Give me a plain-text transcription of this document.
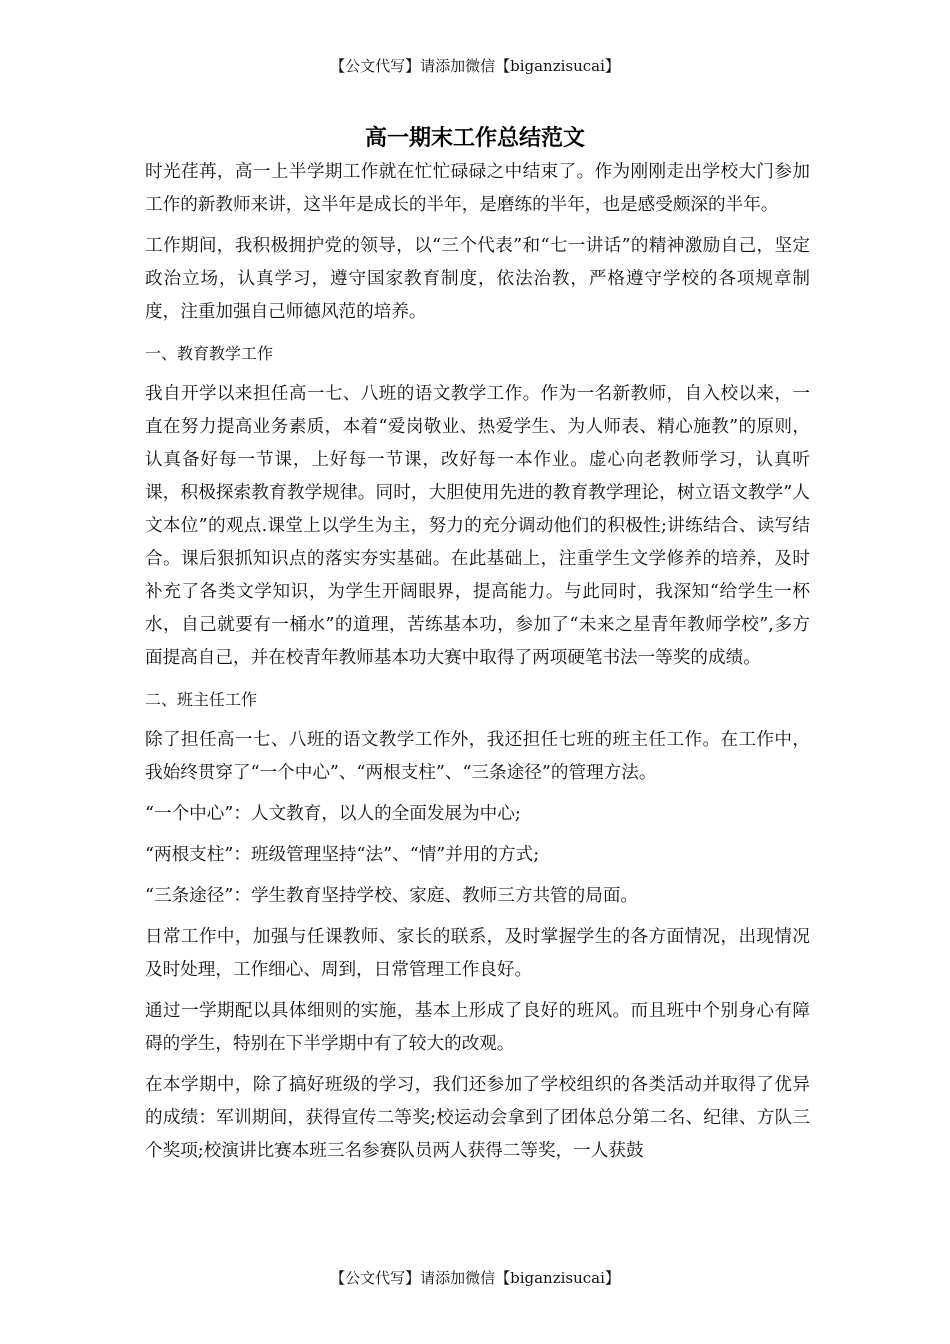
【公文代写】请添加微信【biganzisucai】
高一期末工作总结范文

时光荏苒，高一上半学期工作就在忙忙碌碌之中结束了。作为刚刚走出学校大门参加工作的新教师来讲，这半年是成长的半年，是磨练的半年，也是感受颇深的半年。

工作期间，我积极拥护党的领导，以“三个代表”和“七一讲话”的精神激励自己，坚定政治立场，认真学习，遵守国家教育制度，依法治教，严格遵守学校的各项规章制度，注重加强自己师德风范的培养。

一、教育教学工作

我自开学以来担任高一七、八班的语文教学工作。作为一名新教师，自入校以来，一直在努力提高业务素质，本着“爱岗敬业、热爱学生、为人师表、精心施教”的原则，认真备好每一节课，上好每一节课，改好每一本作业。虚心向老教师学习，认真听课，积极探索教育教学规律。同时，大胆使用先进的教育教学理论，树立语文教学”人文本位”的观点.课堂上以学生为主，努力的充分调动他们的积极性;讲练结合、读写结合。课后狠抓知识点的落实夯实基础。在此基础上，注重学生文学修养的培养，及时补充了各类文学知识，为学生开阔眼界，提高能力。与此同时，我深知“给学生一杯水，自己就要有一桶水”的道理，苦练基本功，参加了“未来之星青年教师学校”,多方面提高自己，并在校青年教师基本功大赛中取得了两项硬笔书法一等奖的成绩。

二、班主任工作

除了担任高一七、八班的语文教学工作外，我还担任七班的班主任工作。在工作中，我始终贯穿了“一个中心”、“两根支柱”、“三条途径”的管理方法。

“一个中心”：人文教育，以人的全面发展为中心;

“两根支柱”：班级管理坚持“法”、“情”并用的方式;

“三条途径”：学生教育坚持学校、家庭、教师三方共管的局面。

日常工作中，加强与任课教师、家长的联系，及时掌握学生的各方面情况，出现情况及时处理，工作细心、周到，日常管理工作良好。

通过一学期配以具体细则的实施，基本上形成了良好的班风。而且班中个别身心有障碍的学生，特别在下半学期中有了较大的改观。

在本学期中，除了搞好班级的学习，我们还参加了学校组织的各类活动并取得了优异的成绩：军训期间，获得宣传二等奖;校运动会拿到了团体总分第二名、纪律、方队三个奖项;校演讲比赛本班三名参赛队员两人获得二等奖，一人获鼓

【公文代写】请添加微信【biganzisucai】
